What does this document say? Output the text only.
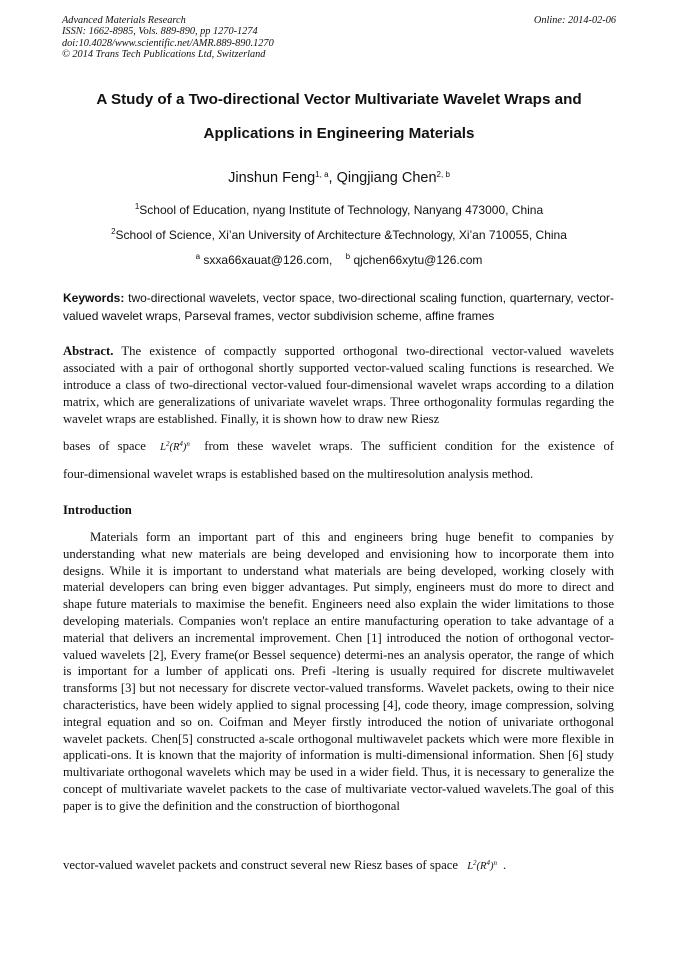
Advanced Materials Research
ISSN: 1662-8985, Vols. 889-890, pp 1270-1274
doi:10.4028/www.scientific.net/AMR.889-890.1270
© 2014 Trans Tech Publications Ltd, Switzerland
Online: 2014-02-06
A Study of a Two-directional Vector Multivariate Wavelet Wraps and
Applications in Engineering Materials
Jinshun Feng$^{1, a}$, Qingjiang Chen$^{2, b}$
$^1$School of Education, nyang Institute of Technology, Nanyang 473000, China
$^2$School of Science, Xi’an University of Architecture &Technology, Xi’an 710055, China
$^a$ sxxa66xauat@126.com, $^b$ qjchen66xytu@126.com
Keywords: two-directional wavelets, vector space, two-directional scaling function, quarternary, vector-valued wavelet wraps, Parseval frames, vector subdivision scheme, affine frames
Abstract. The existence of compactly supported orthogonal two-directional vector-valued wavelets associated with a pair of orthogonal shortly supported vector-valued scaling functions is researched. We introduce a class of two-directional vector-valued four-dimensional wavelet wraps according to a dilation matrix, which are generalizations of univariate wavelet wraps. Three orthogonality formulas regarding the wavelet wraps are established. Finally, it is shown how to draw new Riesz
bases of space $L^2(R^4)^n$ from these wavelet wraps. The sufficient condition for the existence of
four-dimensional wavelet wraps is established based on the multiresolution analysis method.
Introduction
Materials form an important part of this and engineers bring huge benefit to companies by understanding what new materials are being developed and envisioning how to incorporate them into designs. While it is important to understand what materials are being developed, working closely with material developers can bring even bigger advantages. Put simply, engineers must do more to direct and shape future materials to maximise the benefit. Engineers need also explain the wider limitations to those developing materials. Companies won't replace an entire manufacturing operation to take advantage of a material that delivers an incremental improvement. Chen [1] introduced the notion of orthogonal vector-valued wavelets [2], Every frame(or Bessel sequence) determi-nes an analysis operator, the range of which is important for a lumber of applicati ons. Prefi -ltering is usually required for discrete multiwavelet transforms [3] but not necessary for discrete vector-valued transforms. Wavelet packets, owing to their nice characteristics, have been widely applied to signal processing [4], code theory, image compression, solving integral equation and so on. Coifman and Meyer firstly introduced the notion of univariate orthogonal wavelet packets. Chen[5] constructed a-scale orthogonal multiwavelet packets which were more flexible in applicati-ons. It is known that the majority of information is multi-dimensional information. Shen [6] study multivariate orthogonal wavelets which may be used in a wider field. Thus, it is necessary to generalize the concept of multivariate wavelet packets to the case of multivariate vector-valued wavelets.The goal of this paper is to give the definition and the construction of biorthogonal
vector-valued wavelet packets and construct several new Riesz bases of space $L^2(R^4)^n$ .
